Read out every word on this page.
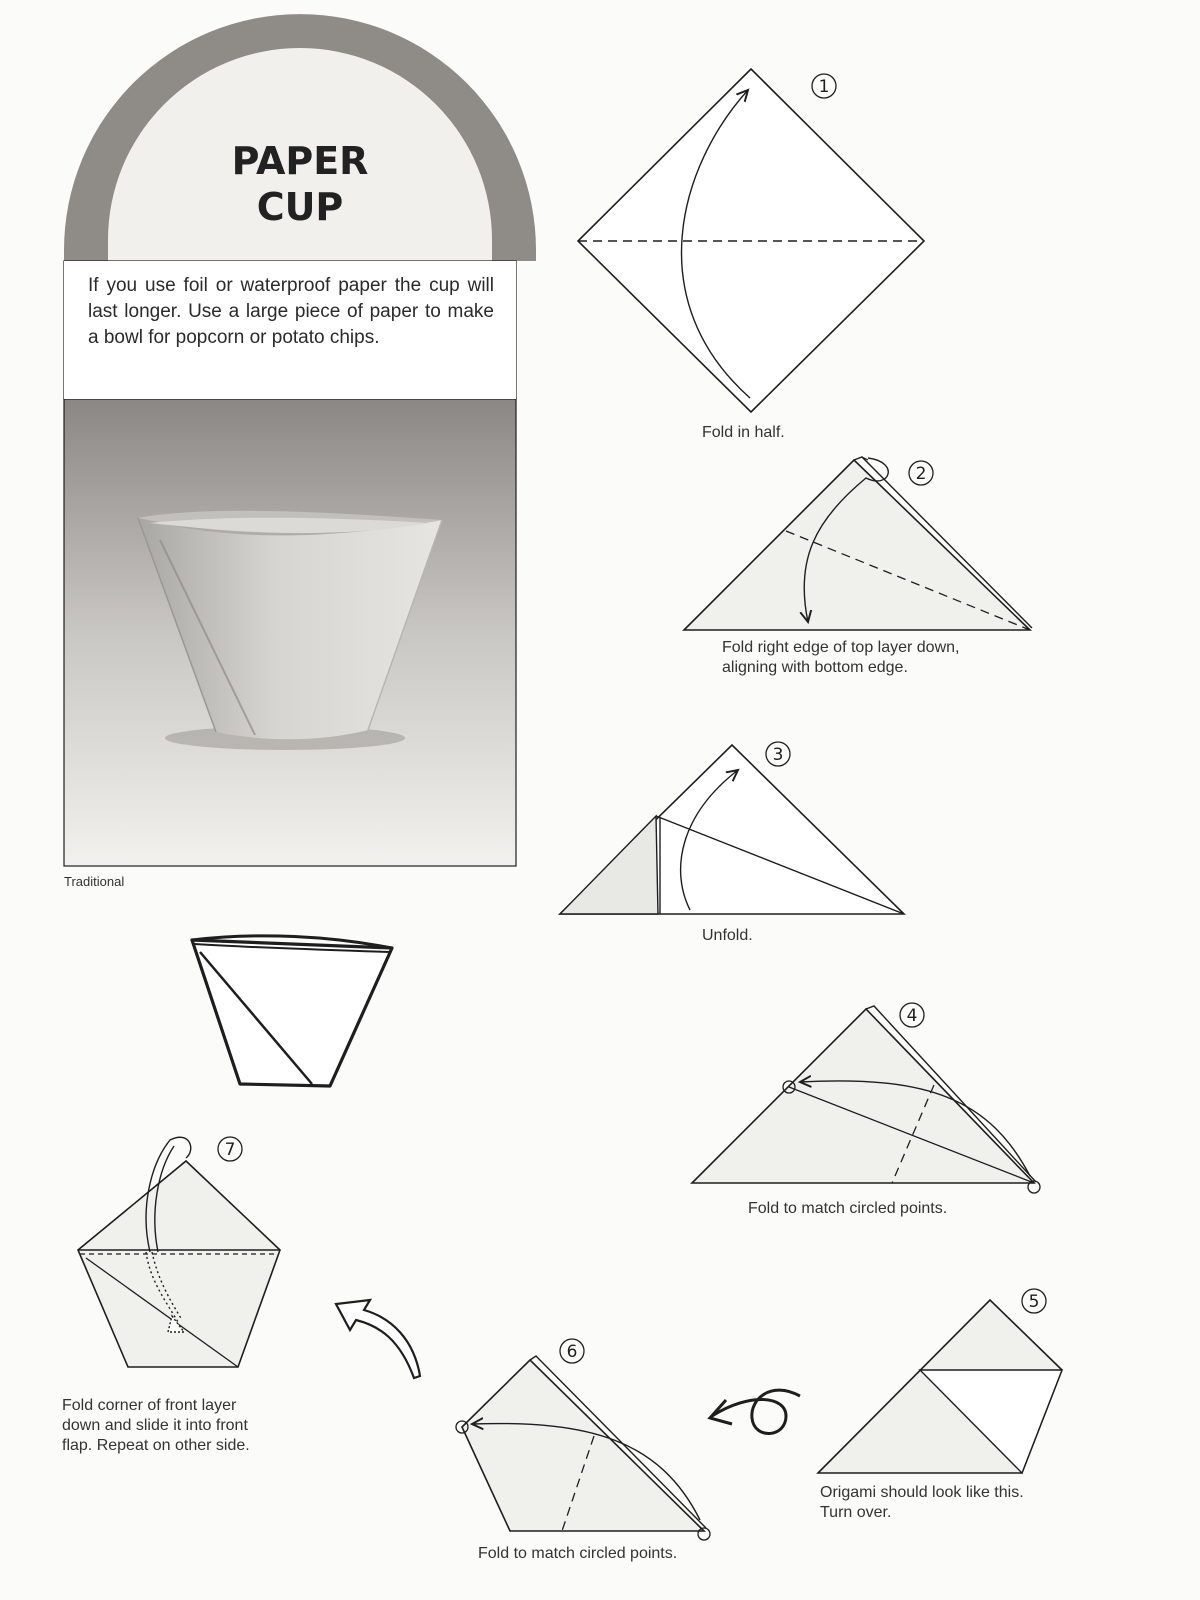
1
2
3
4
5
6
7
PAPER
CUP
If you use foil or waterproof paper the cup will last longer. Use a large piece of paper to make a bowl for popcorn or potato chips.
Traditional
Fold in half.
Fold right edge of top layer down,
aligning with bottom edge.
Unfold.
Fold to match circled points.
Origami should look like this.
Turn over.
Fold to match circled points.
Fold corner of front layer
down and slide it into front
flap. Repeat on other side.
